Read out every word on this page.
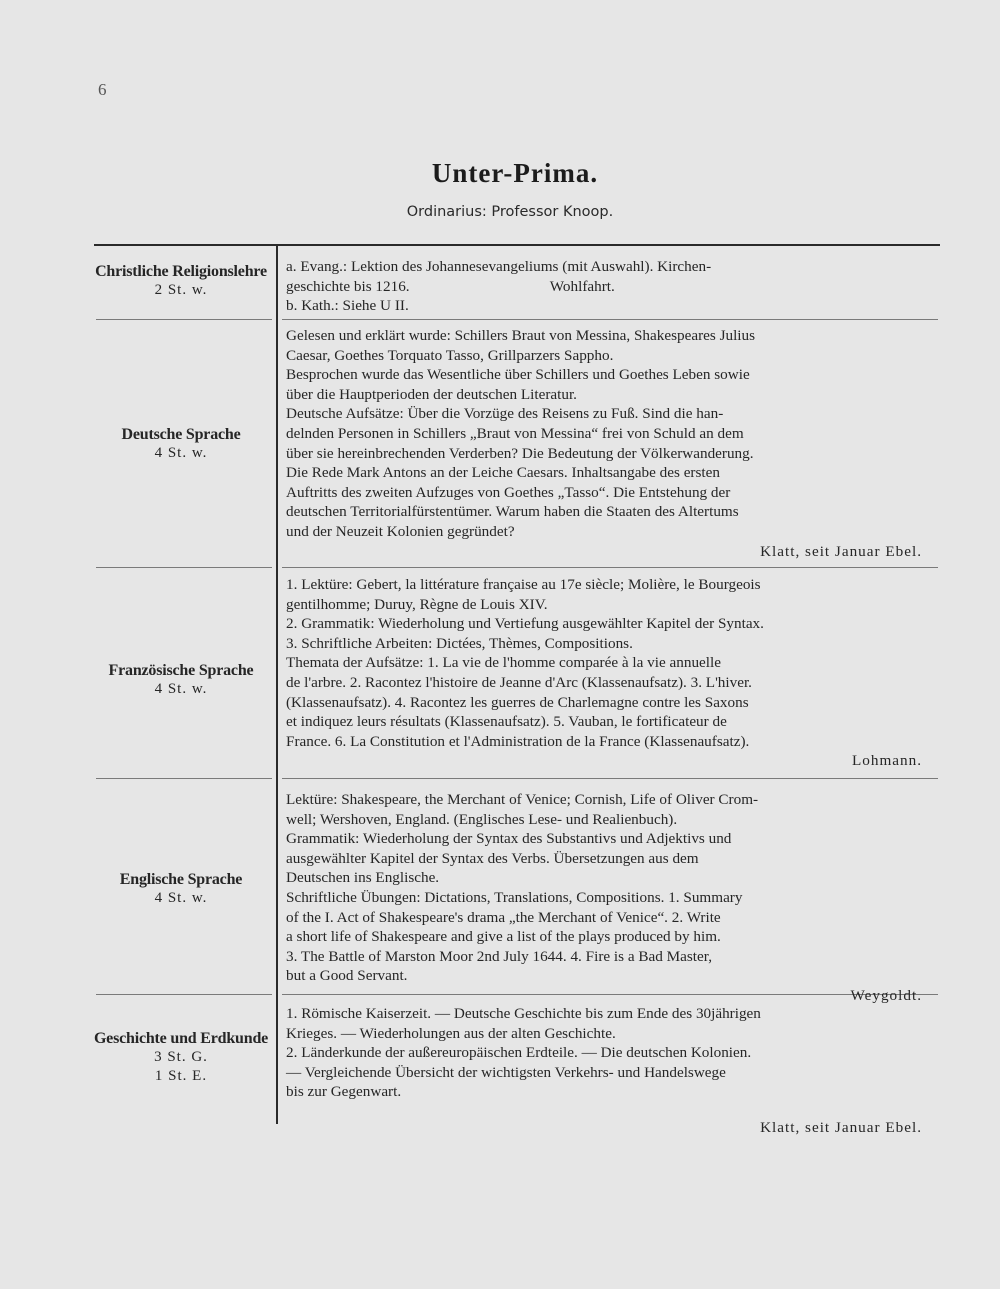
6
Unter-Prima.
Ordinarius: Professor Knoop.
Christliche Religionslehre
2 St. w.
a. Evang.: Lektion des Johannesevangeliums (mit Auswahl). Kirchen-
geschichte bis 1216.                                     Wohlfahrt.
b. Kath.: Siehe U II.
Deutsche Sprache
4 St. w.
Gelesen und erklärt wurde: Schillers Braut von Messina, Shakespeares Julius
Caesar, Goethes Torquato Tasso, Grillparzers Sappho.
Besprochen wurde das Wesentliche über Schillers und Goethes Leben sowie
über die Hauptperioden der deutschen Literatur.
Deutsche Aufsätze: Über die Vorzüge des Reisens zu Fuß. Sind die han-
delnden Personen in Schillers „Braut von Messina“ frei von Schuld an dem
über sie hereinbrechenden Verderben? Die Bedeutung der Völkerwanderung.
Die Rede Mark Antons an der Leiche Caesars. Inhaltsangabe des ersten
Auftritts des zweiten Aufzuges von Goethes „Tasso“. Die Entstehung der
deutschen Territorialfürstentümer. Warum haben die Staaten des Altertums
und der Neuzeit Kolonien gegründet?
Klatt, seit Januar Ebel.
Französische Sprache
4 St. w.
1. Lektüre: Gebert, la littérature française au 17e siècle; Molière, le Bourgeois
gentilhomme; Duruy, Règne de Louis XIV.
2. Grammatik: Wiederholung und Vertiefung ausgewählter Kapitel der Syntax.
3. Schriftliche Arbeiten: Dictées, Thèmes, Compositions.
Themata der Aufsätze: 1. La vie de l'homme comparée à la vie annuelle
de l'arbre. 2. Racontez l'histoire de Jeanne d'Arc (Klassenaufsatz). 3. L'hiver.
(Klassenaufsatz). 4. Racontez les guerres de Charlemagne contre les Saxons
et indiquez leurs résultats (Klassenaufsatz). 5. Vauban, le fortificateur de
France. 6. La Constitution et l'Administration de la France (Klassenaufsatz).
Lohmann.
Englische Sprache
4 St. w.
Lektüre: Shakespeare, the Merchant of Venice; Cornish, Life of Oliver Crom-
well; Wershoven, England. (Englisches Lese- und Realienbuch).
Grammatik: Wiederholung der Syntax des Substantivs und Adjektivs und
ausgewählter Kapitel der Syntax des Verbs. Übersetzungen aus dem
Deutschen ins Englische.
Schriftliche Übungen: Dictations, Translations, Compositions. 1. Summary
of the I. Act of Shakespeare's drama „the Merchant of Venice“. 2. Write
a short life of Shakespeare and give a list of the plays produced by him.
3. The Battle of Marston Moor 2nd July 1644. 4. Fire is a Bad Master,
but a Good Servant.
Weygoldt.
Geschichte und Erdkunde
3 St. G.
1 St. E.
1. Römische Kaiserzeit. — Deutsche Geschichte bis zum Ende des 30jährigen
Krieges. — Wiederholungen aus der alten Geschichte.
2. Länderkunde der außereuropäischen Erdteile. — Die deutschen Kolonien.
— Vergleichende Übersicht der wichtigsten Verkehrs- und Handelswege
bis zur Gegenwart.
Klatt, seit Januar Ebel.
